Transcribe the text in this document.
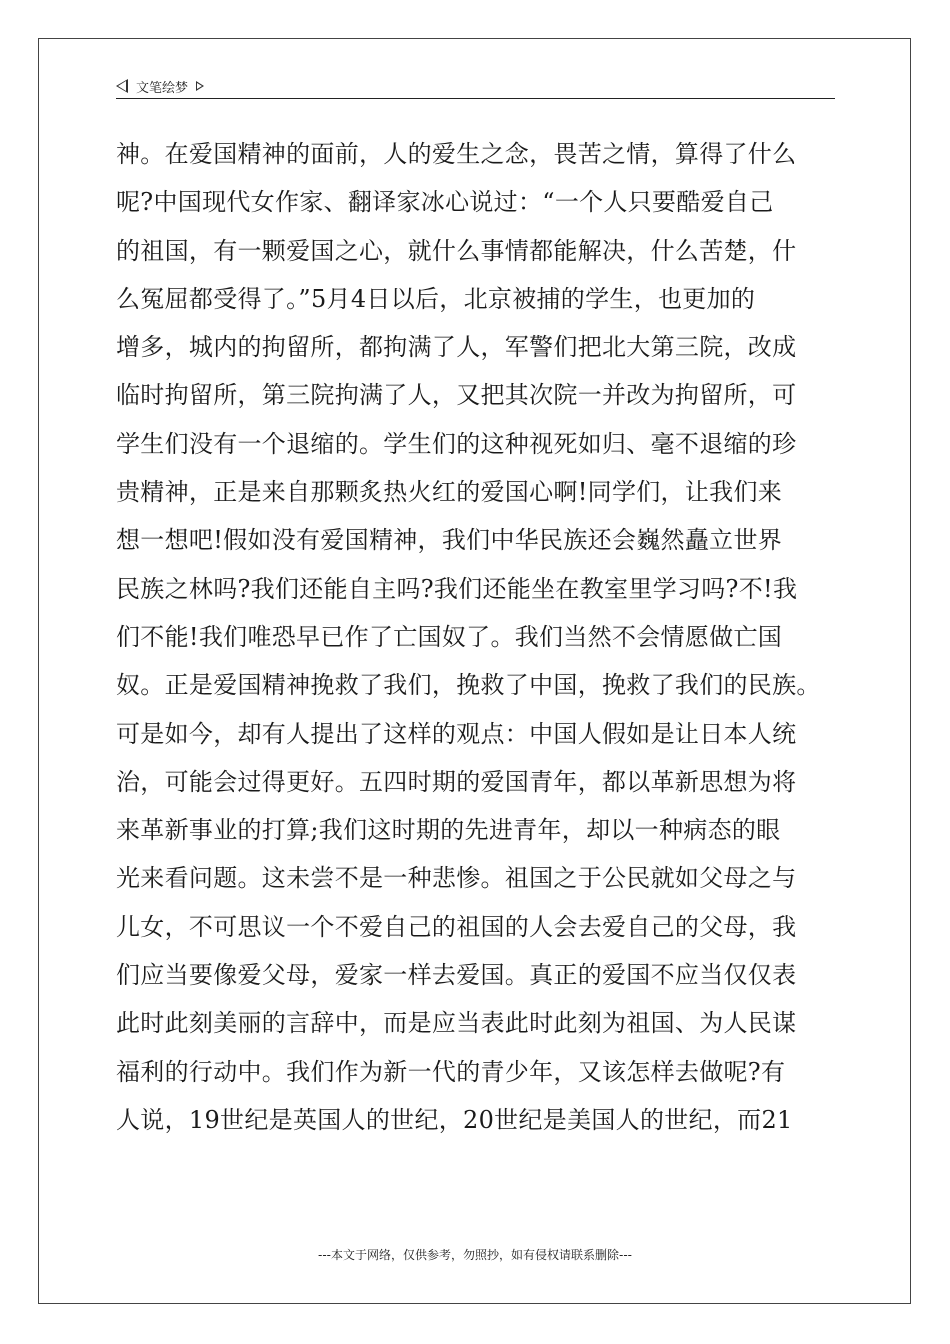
文笔绘梦
神。在爱国精神的面前，人的爱生之念，畏苦之情，算得了什么
呢?中国现代女作家、翻译家冰心说过：“一个人只要酷爱自己
的祖国，有一颗爱国之心，就什么事情都能解决，什么苦楚，什
么冤屈都受得了。”5月4日以后，北京被捕的学生，也更加的
增多，城内的拘留所，都拘满了人，军警们把北大第三院，改成
临时拘留所，第三院拘满了人，又把其次院一并改为拘留所，可
学生们没有一个退缩的。学生们的这种视死如归、毫不退缩的珍
贵精神，正是来自那颗炙热火红的爱国心啊!同学们，让我们来
想一想吧!假如没有爱国精神，我们中华民族还会巍然矗立世界
民族之林吗?我们还能自主吗?我们还能坐在教室里学习吗?不!我
们不能!我们唯恐早已作了亡国奴了。我们当然不会情愿做亡国
奴。正是爱国精神挽救了我们，挽救了中国，挽救了我们的民族。
可是如今，却有人提出了这样的观点：中国人假如是让日本人统
治，可能会过得更好。五四时期的爱国青年，都以革新思想为将
来革新事业的打算;我们这时期的先进青年，却以一种病态的眼
光来看问题。这未尝不是一种悲惨。祖国之于公民就如父母之与
儿女，不可思议一个不爱自己的祖国的人会去爱自己的父母，我
们应当要像爱父母，爱家一样去爱国。真正的爱国不应当仅仅表
此时此刻美丽的言辞中，而是应当表此时此刻为祖国、为人民谋
福利的行动中。我们作为新一代的青少年，又该怎样去做呢?有
人说，19世纪是英国人的世纪，20世纪是美国人的世纪，而21
---本文于网络，仅供参考，勿照抄，如有侵权请联系删除---
